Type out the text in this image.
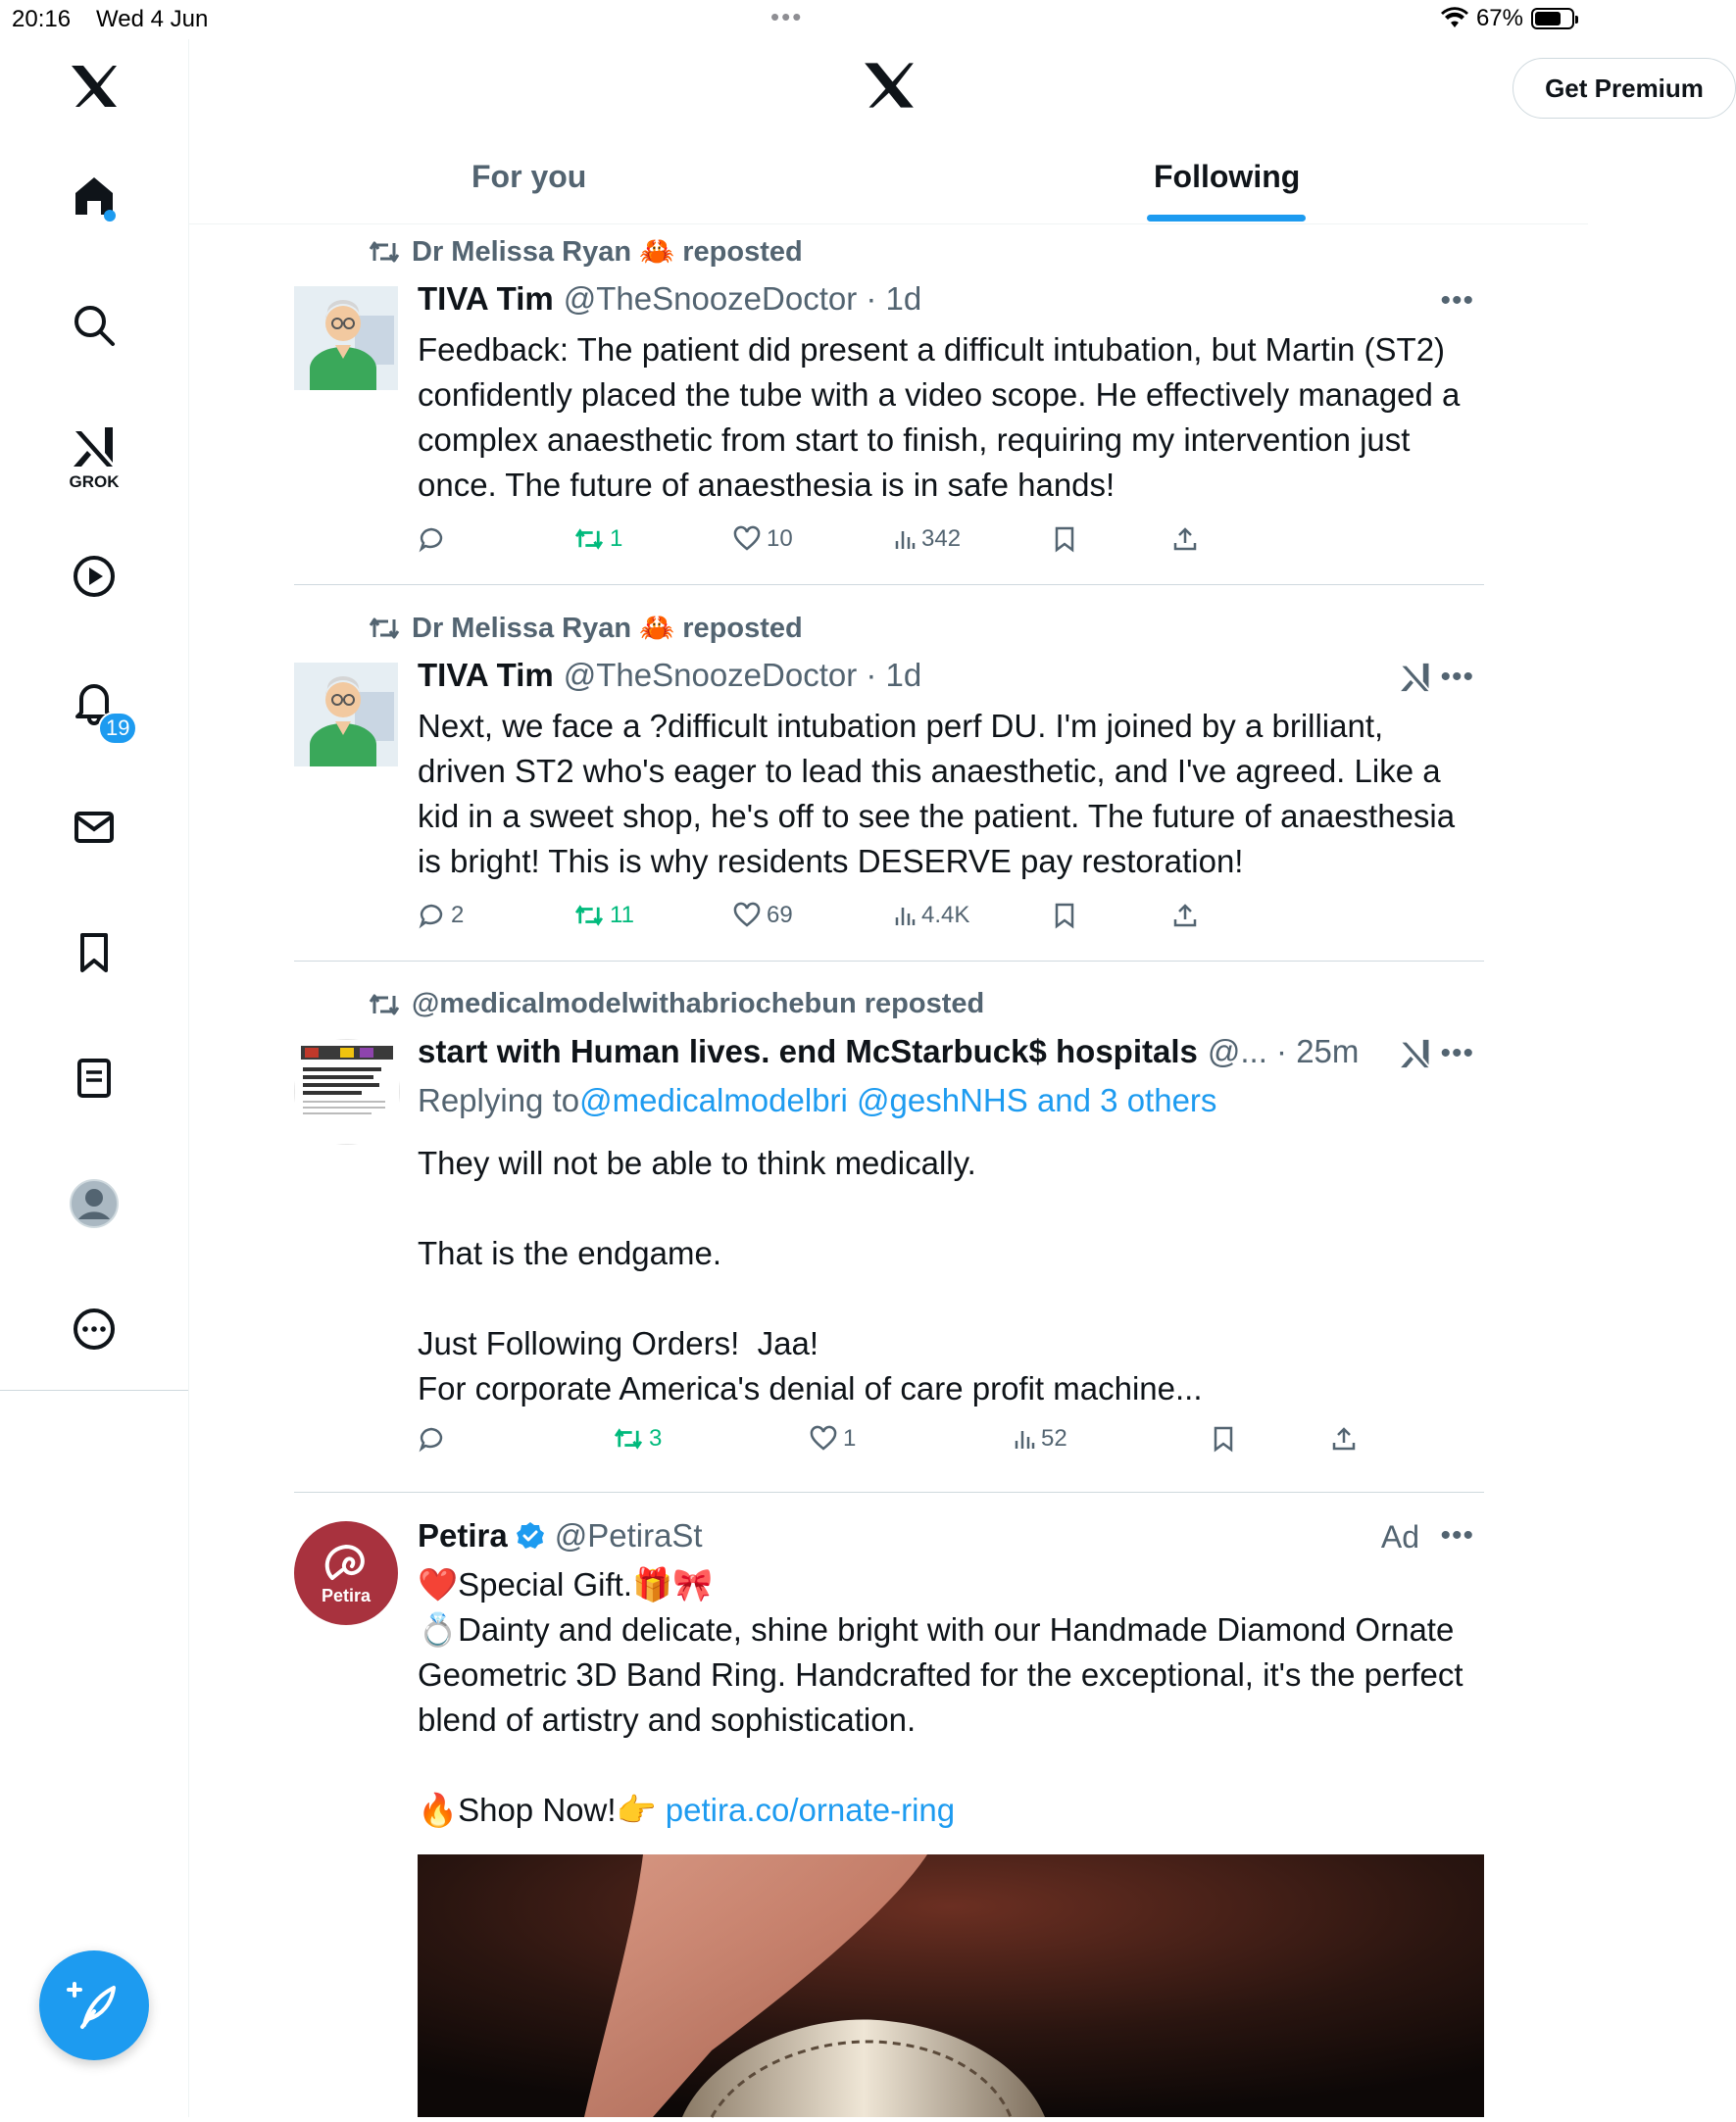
20:16 Wed 4 Jun	•••	67%
GROK
19
Get Premium
For you	Following
Dr Melissa Ryan 🦀 reposted
TIVA Tim @TheSnoozeDoctor · 1d	•••
Feedback: The patient did present a difficult intubation, but Martin (ST2) confidently placed the tube with a video scope. He effectively managed a complex anaesthetic from start to finish, requiring my intervention just once. The future of anaesthesia is in safe hands!
1	10	342
Dr Melissa Ryan 🦀 reposted
TIVA Tim @TheSnoozeDoctor · 1d	•••
Next, we face a ?difficult intubation perf DU. I'm joined by a brilliant, driven ST2 who's eager to lead this anaesthetic, and I've agreed. Like a kid in a sweet shop, he's off to see the patient. The future of anaesthesia is bright! This is why residents DESERVE pay restoration!
2	11	69	4.4K
@medicalmodelwithabriochebun reposted
start with Human lives. end McStarbuck$ hospitals @... · 25m	•••
Replying to @medicalmodelbri @geshNHS and 3 others
They will not be able to think medically.

That is the endgame.

Just Following Orders!  Jaa!
For corporate America's denial of care profit machine...
3	1	52
Petira
Petira @PetiraSt	Ad •••
❤️Special Gift.🎁🎀
💍Dainty and delicate, shine bright with our Handmade Diamond Ornate Geometric 3D Band Ring. Handcrafted for the exceptional, it's the perfect blend of artistry and sophistication.
🔥Shop Now!👉 petira.co/ornate-ring
